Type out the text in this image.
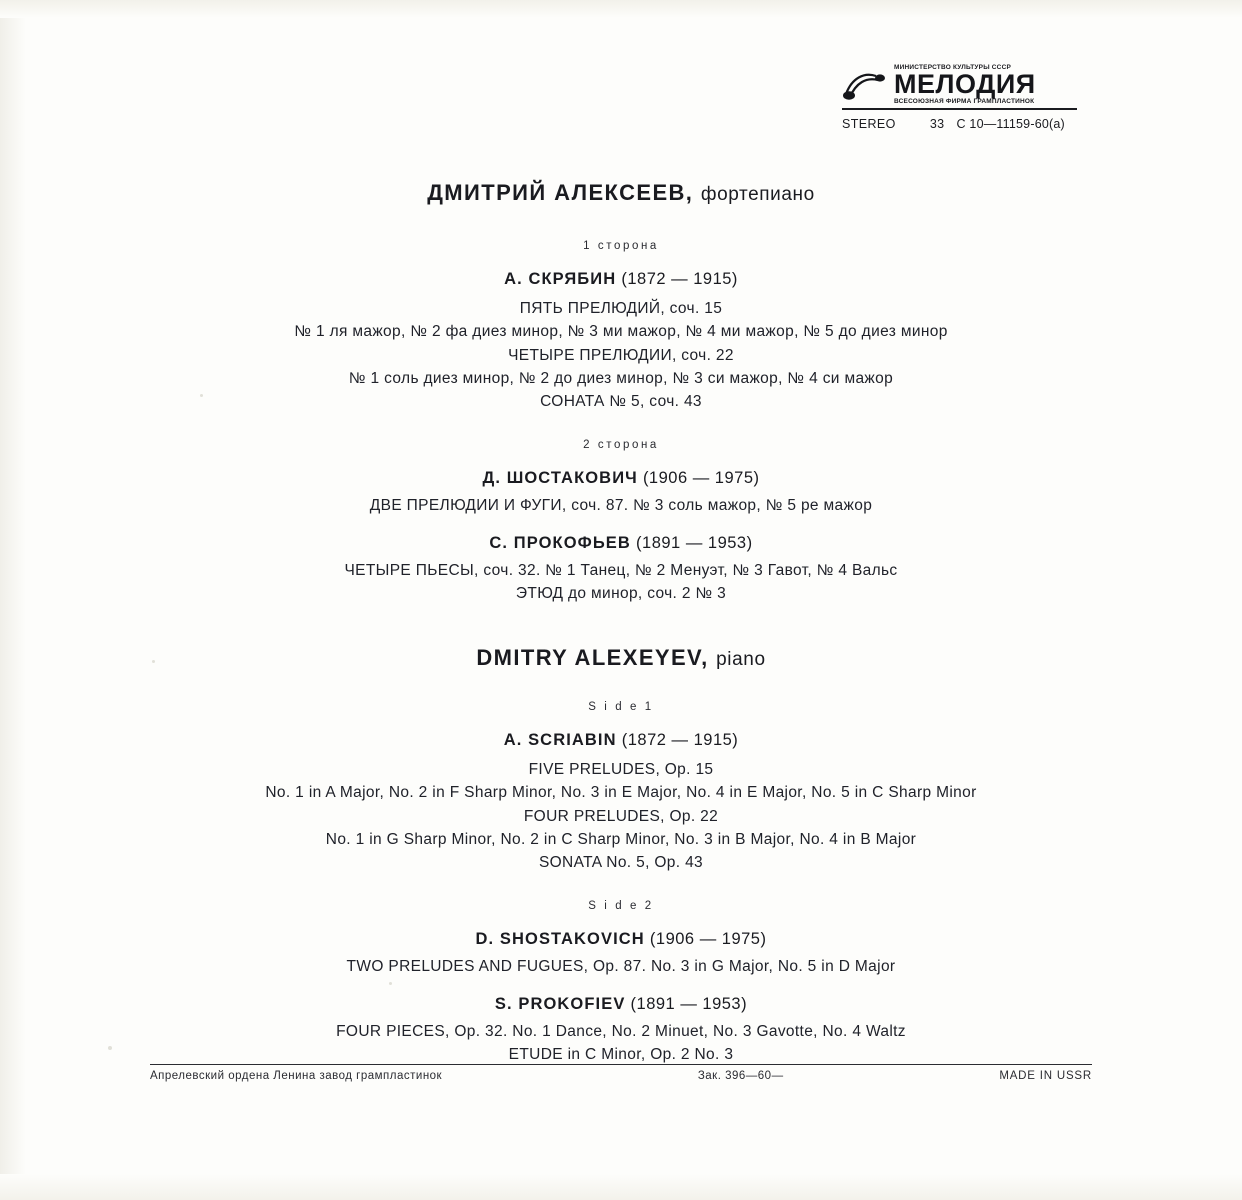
МИНИСТЕРСТВО КУЛЬТУРЫ СССР
МЕЛОДИЯ
ВСЕСОЮЗНАЯ ФИРМА ГРАМПЛАСТИНОК
STEREO	33 С 10—11159-60(а)
ДМИТРИЙ АЛЕКСЕЕВ, фортепиано
1 сторона
А. СКРЯБИН (1872 — 1915)
ПЯТЬ ПРЕЛЮДИЙ, соч. 15
№ 1 ля мажор, № 2 фа диез минор, № 3 ми мажор, № 4 ми мажор, № 5 до диез минор
ЧЕТЫРЕ ПРЕЛЮДИИ, соч. 22
№ 1 соль диез минор, № 2 до диез минор, № 3 си мажор, № 4 си мажор
СОНАТА № 5, соч. 43
2 сторона
Д. ШОСТАКОВИЧ (1906 — 1975)
ДВЕ ПРЕЛЮДИИ И ФУГИ, соч. 87. № 3 соль мажор, № 5 ре мажор
С. ПРОКОФЬЕВ (1891 — 1953)
ЧЕТЫРЕ ПЬЕСЫ, соч. 32. № 1 Танец, № 2 Менуэт, № 3 Гавот, № 4 Вальс
ЭТЮД до минор, соч. 2 № 3
DMITRY ALEXEYEV, piano
S i d e 1
A. SCRIABIN (1872 — 1915)
FIVE PRELUDES, Op. 15
No. 1 in A Major, No. 2 in F Sharp Minor, No. 3 in E Major, No. 4 in E Major, No. 5 in C Sharp Minor
FOUR PRELUDES, Op. 22
No. 1 in G Sharp Minor, No. 2 in C Sharp Minor, No. 3 in B Major, No. 4 in B Major
SONATA No. 5, Op. 43
S i d e 2
D. SHOSTAKOVICH (1906 — 1975)
TWO PRELUDES AND FUGUES, Op. 87. No. 3 in G Major, No. 5 in D Major
S. PROKOFIEV (1891 — 1953)
FOUR PIECES, Op. 32. No. 1 Dance, No. 2 Minuet, No. 3 Gavotte, No. 4 Waltz
ETUDE in C Minor, Op. 2 No. 3
Апрелевский ордена Ленина завод грампластинок	Зак. 396—60—	MADE IN USSR
